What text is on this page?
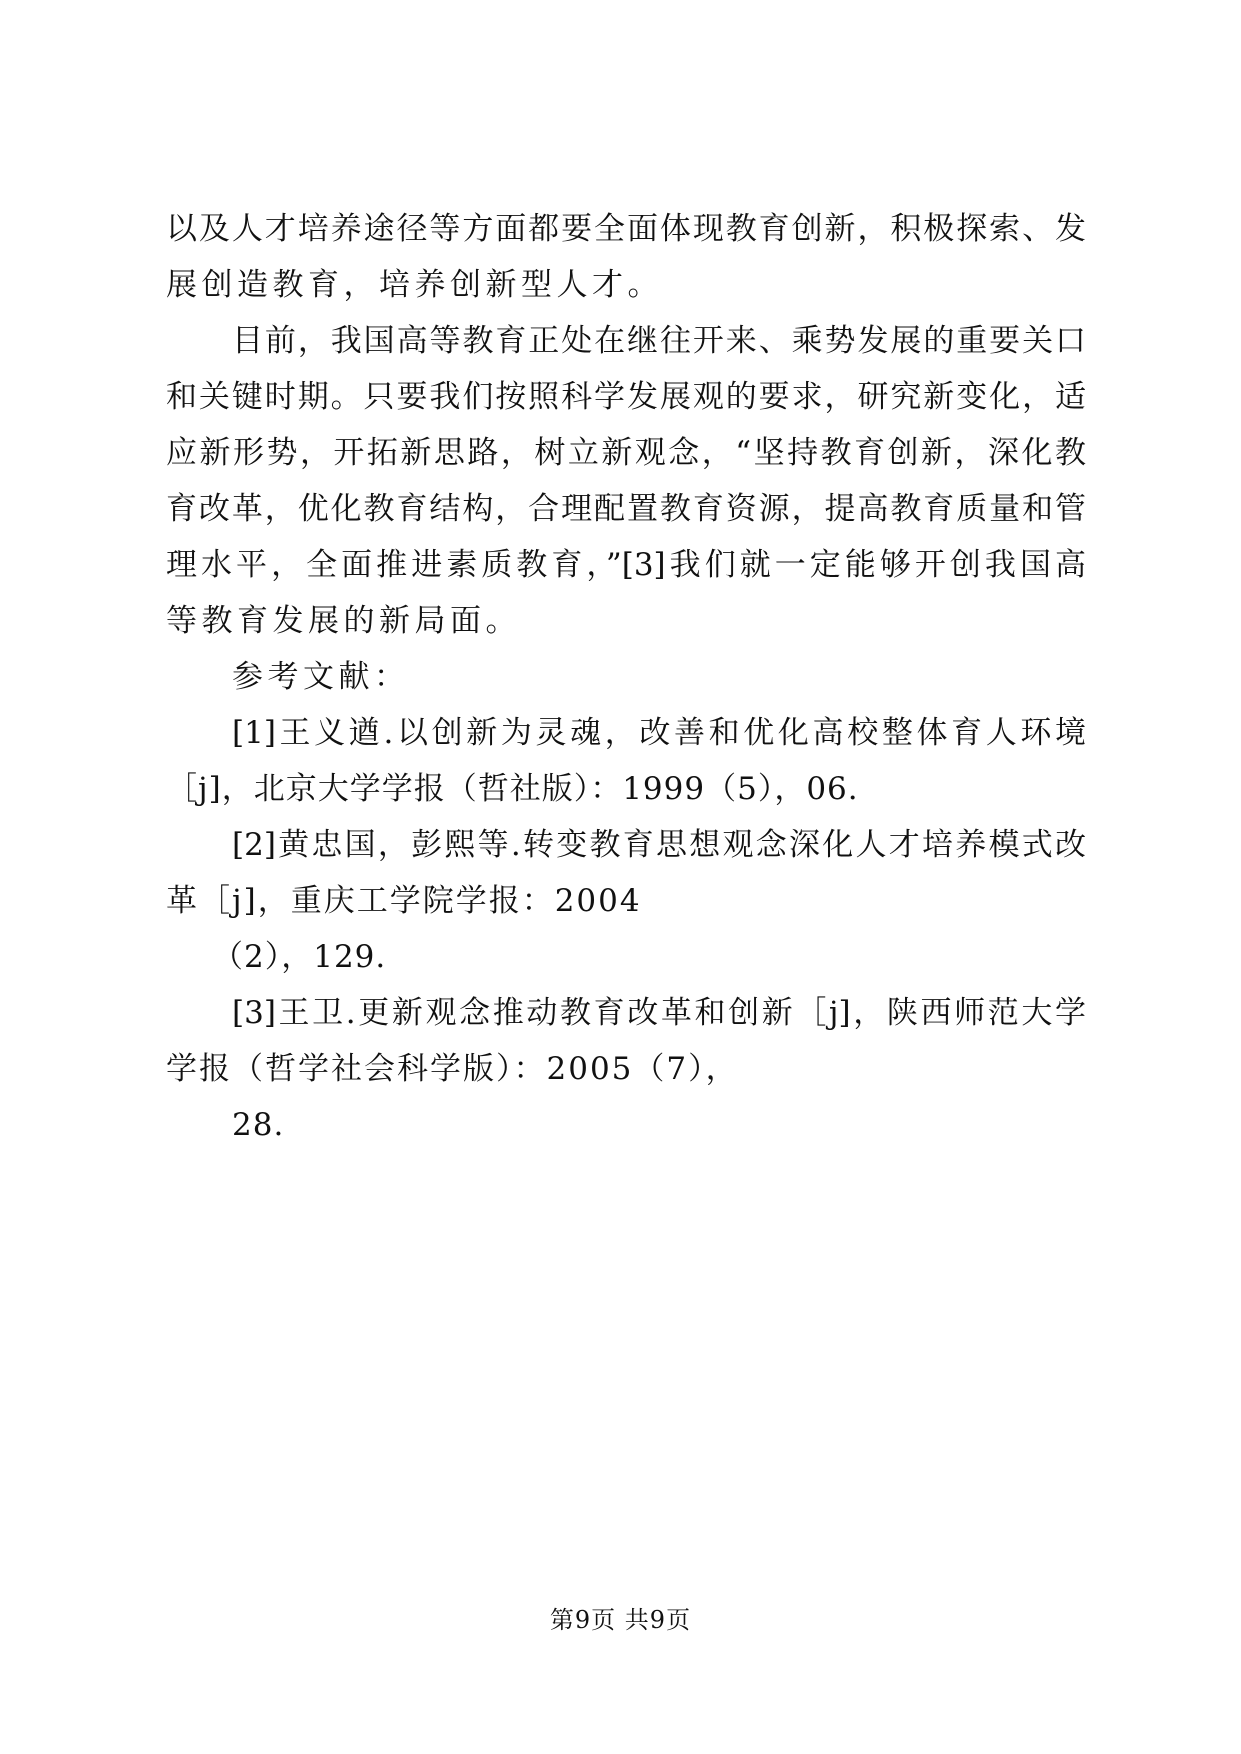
以及人才培养途径等方面都要全面体现教育创新，积极探索、发
展创造教育，培养创新型人才。
目前，我国高等教育正处在继往开来、乘势发展的重要关口
和关键时期。只要我们按照科学发展观的要求，研究新变化，适
应新形势，开拓新思路，树立新观念，“坚持教育创新，深化教
育改革，优化教育结构，合理配置教育资源，提高教育质量和管
理水平，全面推进素质教育，”[3]我们就一定能够开创我国高
等教育发展的新局面。
参考文献：
[1]王义遒.以创新为灵魂，改善和优化高校整体育人环境
［j]，北京大学学报（哲社版）：1999（5），06.
[2]黄忠国，彭熙等.转变教育思想观念深化人才培养模式改
革［j]，重庆工学院学报：2004
（2），129.
[3]王卫.更新观念推动教育改革和创新［j]，陕西师范大学
学报（哲学社会科学版）：2005（7），
28.
第9页 共9页
